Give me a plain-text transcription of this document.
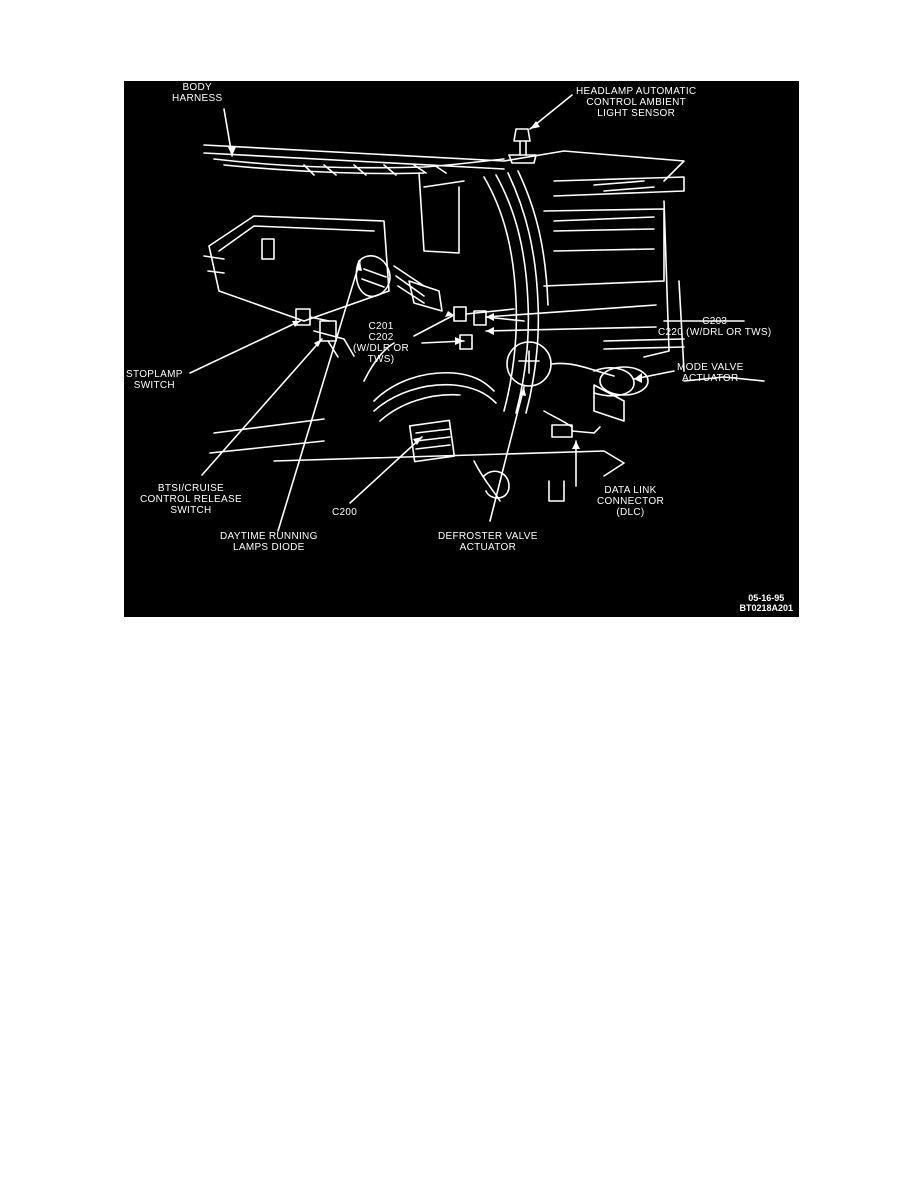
BODY
HARNESS
HEADLAMP AUTOMATIC
CONTROL AMBIENT
LIGHT SENSOR
C201
C202
(W/DLR OR
TWS)
C203
C220 (W/DRL OR TWS)
MODE VALVE
ACTUATOR
STOPLAMP
SWITCH
BTSI/CRUISE
CONTROL RELEASE
SWITCH	C200
DAYTIME RUNNING
LAMPS DIODE
DEFROSTER VALVE
ACTUATOR
DATA LINK
CONNECTOR
(DLC)
05-16-95
BT0218A201
